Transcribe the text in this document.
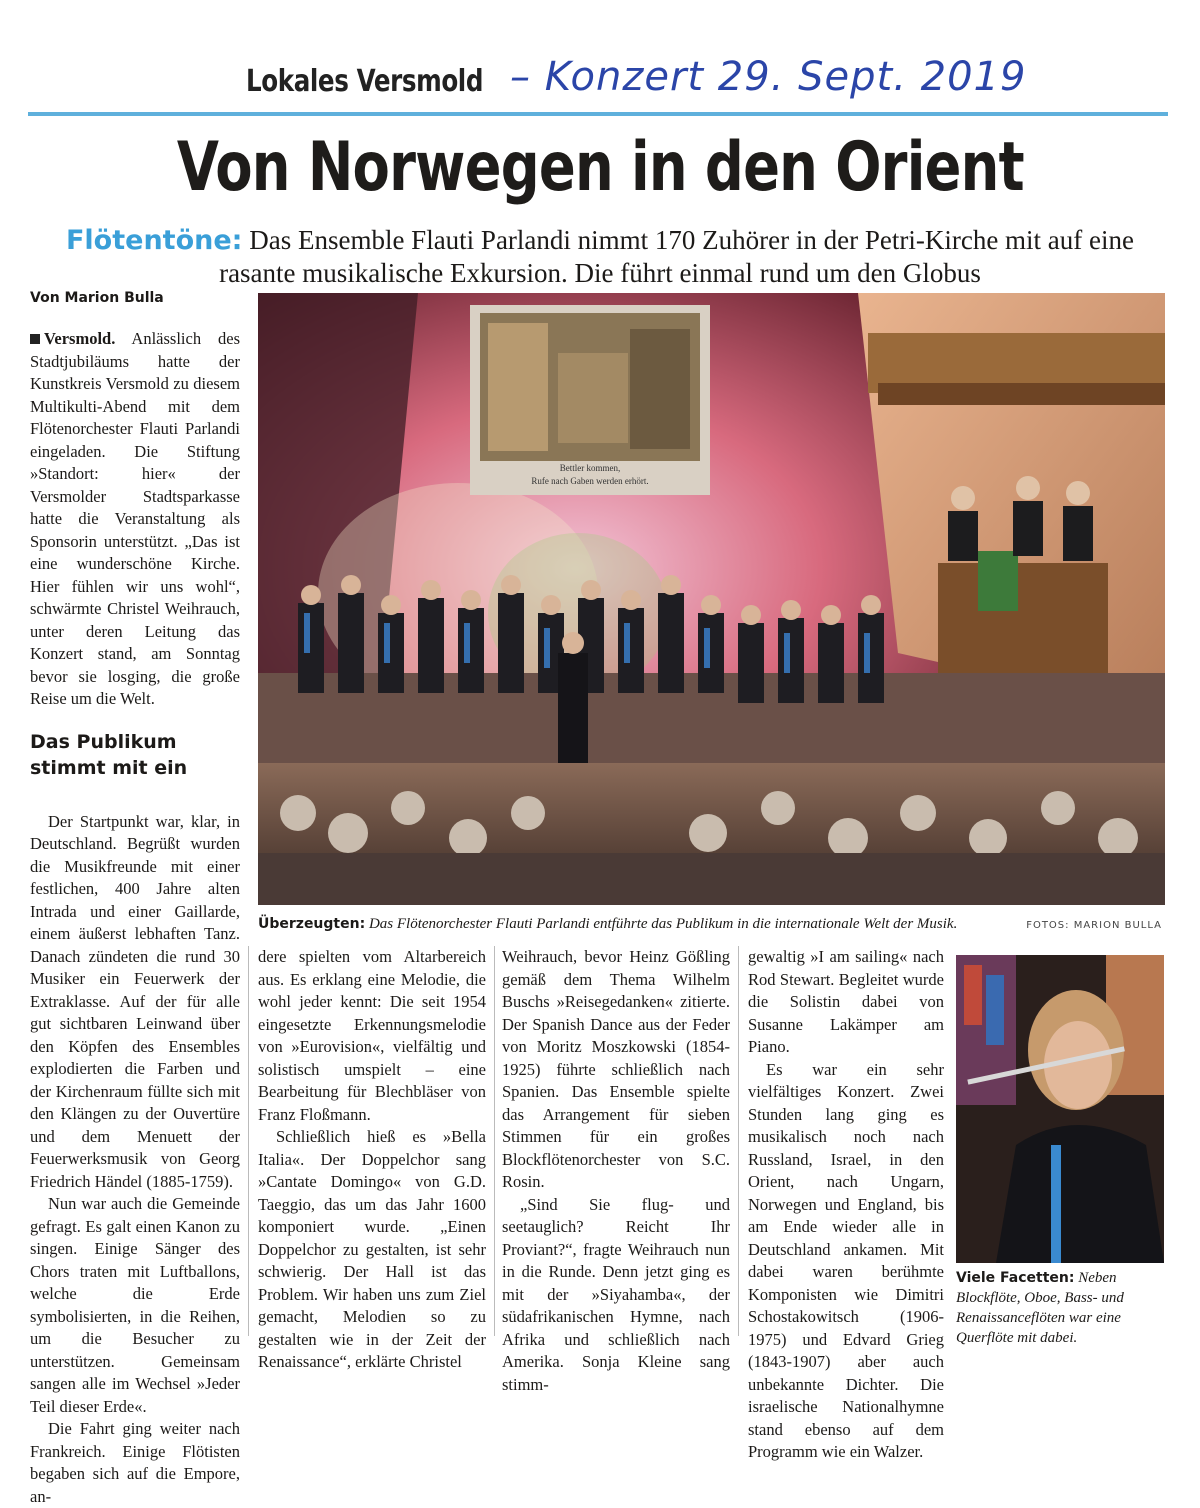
Lokales Versmold – Konzert 29. Sept. 2019
Von Norwegen in den Orient
Flötentöne: Das Ensemble Flauti Parlandi nimmt 170 Zuhörer in der Petri-Kirche mit auf eine rasante musikalische Exkursion. Die führt einmal rund um den Globus
Von Marion Bulla

Versmold. Anlässlich des Stadtjubiläums hatte der Kunstkreis Versmold zu diesem Multikulti-Abend mit dem Flötenorchester Flauti Parlandi eingeladen. Die Stiftung »Standort: hier« der Versmolder Stadtsparkasse hatte die Veranstaltung als Sponsorin unterstützt. „Das ist eine wunderschöne Kirche. Hier fühlen wir uns wohl“, schwärmte Christel Weihrauch, unter deren Leitung das Konzert stand, am Sonntag bevor sie losging, die große Reise um die Welt.

Das Publikum stimmt mit ein

Der Startpunkt war, klar, in Deutschland. Begrüßt wurden die Musikfreunde mit einer festlichen, 400 Jahre alten Intrada und einer Gaillarde, einem äußerst lebhaften Tanz. Danach zündeten die rund 30 Musiker ein Feuerwerk der Extraklasse. Auf der für alle gut sichtbaren Leinwand über den Köpfen des Ensembles explodierten die Farben und der Kirchenraum füllte sich mit den Klängen zu der Ouvertüre und dem Menuett der Feuerwerksmusik von Georg Friedrich Händel (1885-1759).

Nun war auch die Gemeinde gefragt. Es galt einen Kanon zu singen. Einige Sänger des Chors traten mit Luftballons, welche die Erde symbolisierten, in die Reihen, um die Besucher zu unterstützen. Gemeinsam sangen alle im Wechsel »Jeder Teil dieser Erde«.

Die Fahrt ging weiter nach Frankreich. Einige Flötisten begaben sich auf die Empore, an-

Bettler kommen,
Rufe nach Gaben werden erhört.
Überzeugten: Das Flötenorchester Flauti Parlandi entführte das Publikum in die internationale Welt der Musik.	FOTOS: MARION BULLA

dere spielten vom Altarbereich aus. Es erklang eine Melodie, die wohl jeder kennt: Die seit 1954 eingesetzte Erkennungsmelodie von »Eurovision«, vielfältig und solistisch umspielt – eine Bearbeitung für Blechbläser von Franz Floßmann.

Schließlich hieß es »Bella Italia«. Der Doppelchor sang »Cantate Domingo« von G.D. Taeggio, das um das Jahr 1600 komponiert wurde. „Einen Doppelchor zu gestalten, ist sehr schwierig. Der Hall ist das Problem. Wir haben uns zum Ziel gemacht, Melodien so zu gestalten wie in der Zeit der Renaissance“, erklärte Christel

Weihrauch, bevor Heinz Gößling gemäß dem Thema Wilhelm Buschs »Reisegedanken« zitierte. Der Spanish Dance aus der Feder von Moritz Moszkowski (1854-1925) führte schließlich nach Spanien. Das Ensemble spielte das Arrangement für sieben Stimmen für ein großes Blockflötenorchester von S.C. Rosin.

„Sind Sie flug- und seetauglich? Reicht Ihr Proviant?“, fragte Weihrauch nun in die Runde. Denn jetzt ging es mit der »Siyahamba«, der südafrikanischen Hymne, nach Afrika und schließlich nach Amerika. Sonja Kleine sang stimm-

gewaltig »I am sailing« nach Rod Stewart. Begleitet wurde die Solistin dabei von Susanne Lakämper am Piano.

Es war ein sehr vielfältiges Konzert. Zwei Stunden lang ging es musikalisch noch nach Russland, Israel, in den Orient, nach Ungarn, Norwegen und England, bis am Ende wieder alle in Deutschland ankamen. Mit dabei waren berühmte Komponisten wie Dimitri Schostakowitsch (1906-1975) und Edvard Grieg (1843-1907) aber auch unbekannte Dichter. Die israelische Nationalhymne stand ebenso auf dem Programm wie ein Walzer.

Viele Facetten: Neben Blockflöte, Oboe, Bass- und Renaissanceflöten war eine Querflöte mit dabei.
